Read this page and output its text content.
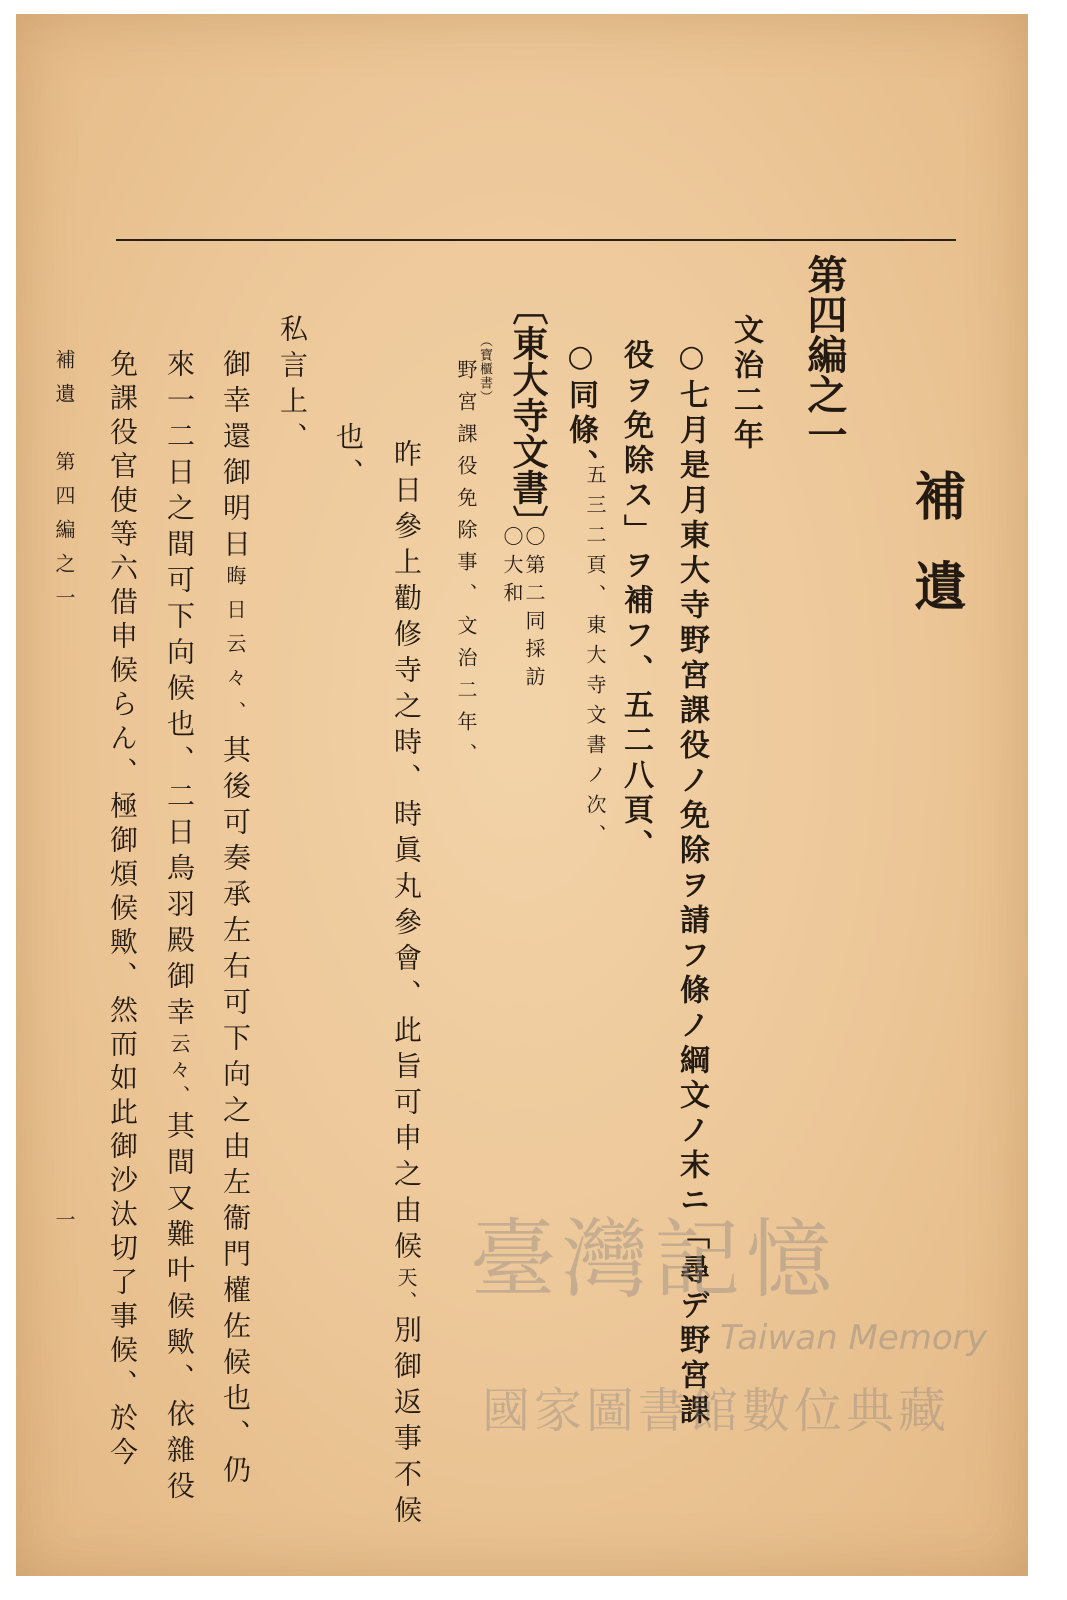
補遺
第四編之一
文治二年
○七月是月東大寺野宮課役ノ免除ヲ請フ條ノ綱文ノ末ニ「尋デ野宮課
役ヲ免除ス」ヲ補フ、五二八頁、
○同條、
五三二頁、東大寺文書ノ次、
〔東大寺文書〕
〇第二同採訪
〇大和
（寶櫃書）
野宮課役免除事、文治二年、
昨日參上勸修寺之時、時眞丸參會、此旨可申之由候天、別御返事不候
也、
私言上、
御幸還御明日晦日云々、其後可奏承左右可下向之由左衞門權佐候也、仍
來一二日之間可下向候也、二日鳥羽殿御幸云々、其間又難叶候歟、依雜役
免課役官使等六借申候らん、極御煩候歟、然而如此御沙汰切了事候、於今
補遺　第四編之一
一	臺灣記憶
Taiwan Memory
國家圖書館數位典藏
